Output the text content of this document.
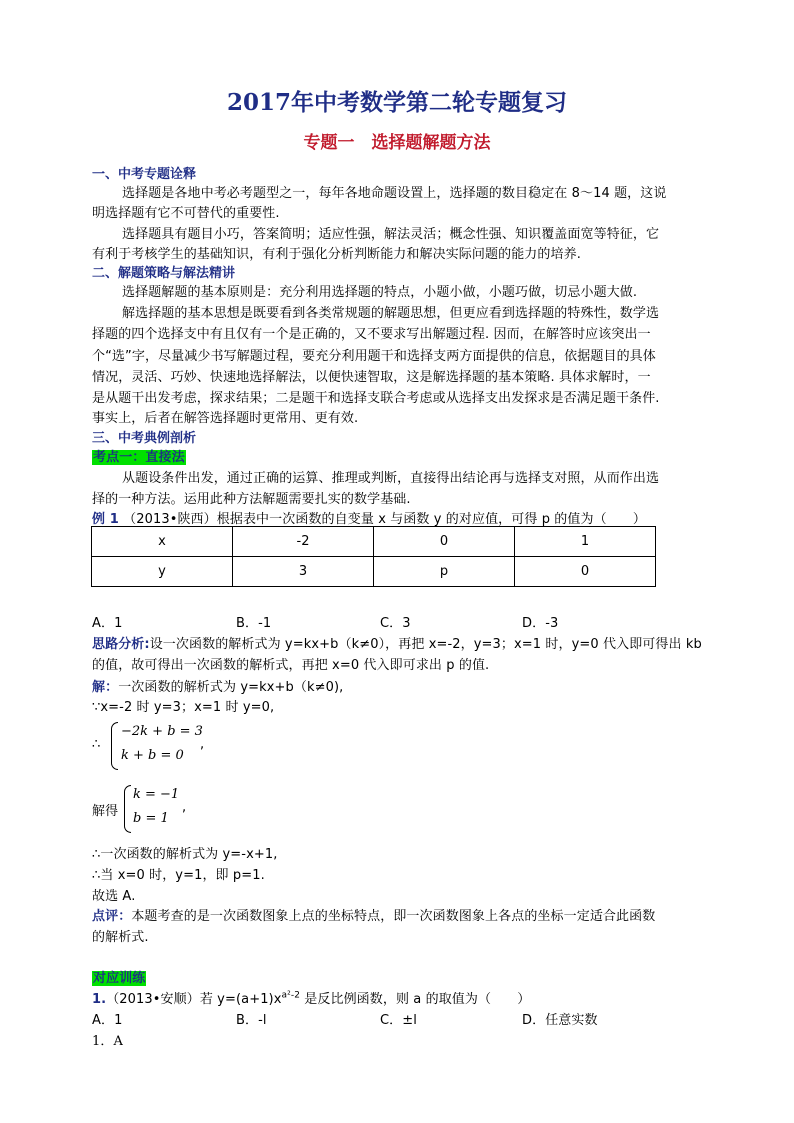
2017年中考数学第二轮专题复习
专题一　选择题解题方法
一、中考专题诠释
选择题是各地中考必考题型之一，每年各地命题设置上，选择题的数目稳定在 8～14 题，这说
明选择题有它不可替代的重要性.
选择题具有题目小巧，答案简明；适应性强，解法灵活；概念性强、知识覆盖面宽等特征，它
有利于考核学生的基础知识，有利于强化分析判断能力和解决实际问题的能力的培养.
二、解题策略与解法精讲
选择题解题的基本原则是：充分利用选择题的特点，小题小做，小题巧做，切忌小题大做.
解选择题的基本思想是既要看到各类常规题的解题思想，但更应看到选择题的特殊性，数学选
择题的四个选择支中有且仅有一个是正确的，又不要求写出解题过程. 因而，在解答时应该突出一
个“选”字，尽量减少书写解题过程，要充分利用题干和选择支两方面提供的信息，依据题目的具体
情况，灵活、巧妙、快速地选择解法，以便快速智取，这是解选择题的基本策略. 具体求解时，一
是从题干出发考虑，探求结果；二是题干和选择支联合考虑或从选择支出发探求是否满足题干条件.
事实上，后者在解答选择题时更常用、更有效.
三、中考典例剖析
考点一：直接法
从题设条件出发，通过正确的运算、推理或判断，直接得出结论再与选择支对照，从而作出选
择的一种方法。运用此种方法解题需要扎实的数学基础.
例 1 （2013•陕西）根据表中一次函数的自变量 x 与函数 y 的对应值，可得 p 的值为（　　）
x	-2	0	1
y	3	p	0
A．1	B．-1	C．3	D．-3
思路分析:设一次函数的解析式为 y=kx+b（k≠0），再把 x=-2，y=3；x=1 时，y=0 代入即可得出 kb
的值，故可得出一次函数的解析式，再把 x=0 代入即可求出 p 的值.
解：一次函数的解析式为 y=kx+b（k≠0),
∵x=-2 时 y=3；x=1 时 y=0,
∴
−2k + b = 3
k + b = 0
,
解得
k = −1
b = 1
,
∴一次函数的解析式为 y=-x+1,
∴当 x=0 时，y=1，即 p=1.
故选 A.
点评：本题考查的是一次函数图象上点的坐标特点，即一次函数图象上各点的坐标一定适合此函数
的解析式.
对应训练
1.（2013•安顺）若 $y=(a+1)x^{a^2-2}$ 是反比例函数，则 a 的取值为（　　）
A．1	B．-l	C．±l	D．任意实数
1．A
